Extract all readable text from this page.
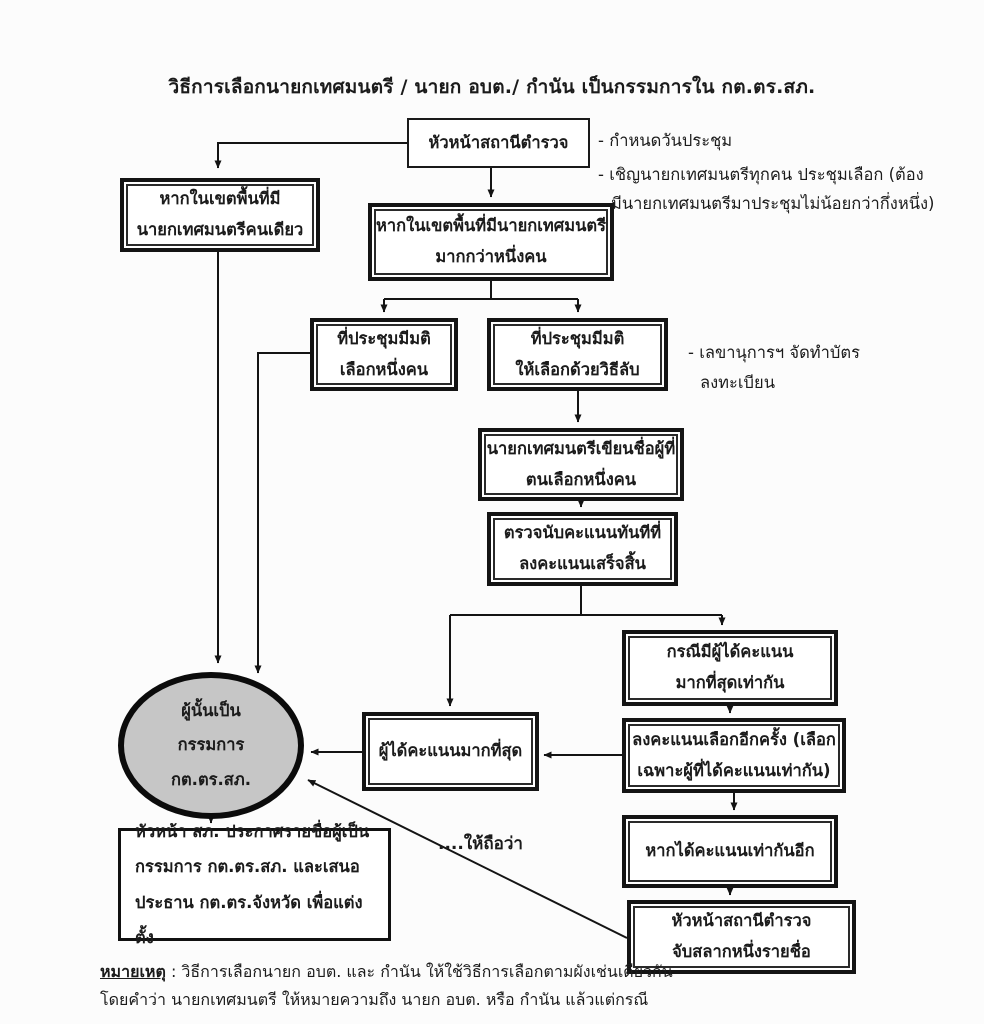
วิธีการเลือกนายกเทศมนตรี / นายก อบต./ กำนัน เป็นกรรมการใน กต.ตร.สภ.
หัวหน้าสถานีตำรวจ
หากในเขตพื้นที่มี
นายกเทศมนตรีคนเดียว	หากในเขตพื้นที่มีนายกเทศมนตรี
มากกว่าหนึ่งคน
ที่ประชุมมีมติ
เลือกหนึ่งคน
ที่ประชุมมีมติ
ให้เลือกด้วยวิธีลับ
นายกเทศมนตรีเขียนชื่อผู้ที่
ตนเลือกหนึ่งคน
ตรวจนับคะแนนทันทีที่
ลงคะแนนเสร็จสิ้น
กรณีมีผู้ได้คะแนน
มากที่สุดเท่ากัน
ลงคะแนนเลือกอีกครั้ง (เลือก
เฉพาะผู้ที่ได้คะแนนเท่ากัน)
ผู้ได้คะแนนมากที่สุด
หากได้คะแนนเท่ากันอีก
หัวหน้าสถานีตำรวจ
จับสลากหนึ่งรายชื่อ
ผู้นั้นเป็น
กรรมการ
กต.ตร.สภ.
หัวหน้า สภ. ประกาศรายชื่อผู้เป็น
กรรมการ กต.ตร.สภ. และเสนอ
ประธาน กต.ตร.จังหวัด เพื่อแต่งตั้ง
- กำหนดวันประชุม
- เชิญนายกเทศมนตรีทุกคน ประชุมเลือก (ต้อง
มีนายกเทศมนตรีมาประชุมไม่น้อยกว่ากึ่งหนึ่ง)
- เลขานุการฯ จัดทำบัตร
ลงทะเบียน
....ให้ถือว่า
หมายเหตุ : วิธีการเลือกนายก อบต. และ กำนัน ให้ใช้วิธีการเลือกตามผังเช่นเดียวกัน
โดยคำว่า นายกเทศมนตรี ให้หมายความถึง นายก อบต. หรือ กำนัน แล้วแต่กรณี
